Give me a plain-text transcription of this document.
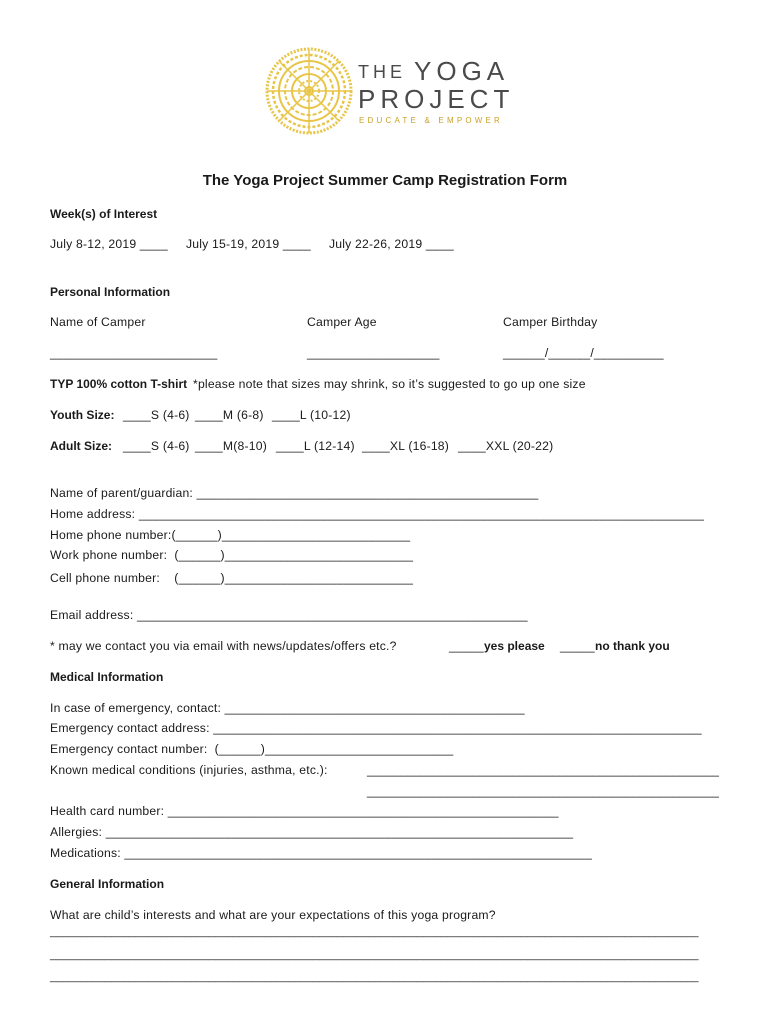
THE YOGA
PROJECT
EDUCATE & EMPOWER
The Yoga Project Summer Camp Registration Form
Week(s) of Interest
July 8-12, 2019 ____ July 15-19, 2019 ____ July 22-26, 2019 ____
Personal Information
Name of Camper	Camper Age	Camper Birthday
________________________	___________________	______/______/__________
TYP 100% cotton T-shirt *please note that sizes may shrink, so it’s suggested to go up one size
Youth Size: ____S (4-6) ____M (6-8) ____L (10-12)
Adult Size: ____S (4-6) ____M(8-10) ____L (12-14) ____XL (16-18) ____XXL (20-22)
Name of parent/guardian: _________________________________________________
Home address: _________________________________________________________________________________
Home phone number:(______)___________________________
Work phone number:  (______)___________________________
Cell phone number:    (______)___________________________
Email address: ________________________________________________________
* may we contact you via email with news/updates/offers etc.?	_____ yes please _____ no thank you
Medical Information
In case of emergency, contact: ___________________________________________
Emergency contact address: ______________________________________________________________________
Emergency contact number:  (______)___________________________
Known medical conditions (injuries, asthma, etc.):	_____________________________________________________
_____________________________________________________
Health card number: ________________________________________________________
Allergies: ___________________________________________________________________
Medications: ___________________________________________________________________
General Information
What are child’s interests and what are your expectations of this yoga program?
__________________________________________________________________________________________________________
__________________________________________________________________________________________________________
__________________________________________________________________________________________________________
